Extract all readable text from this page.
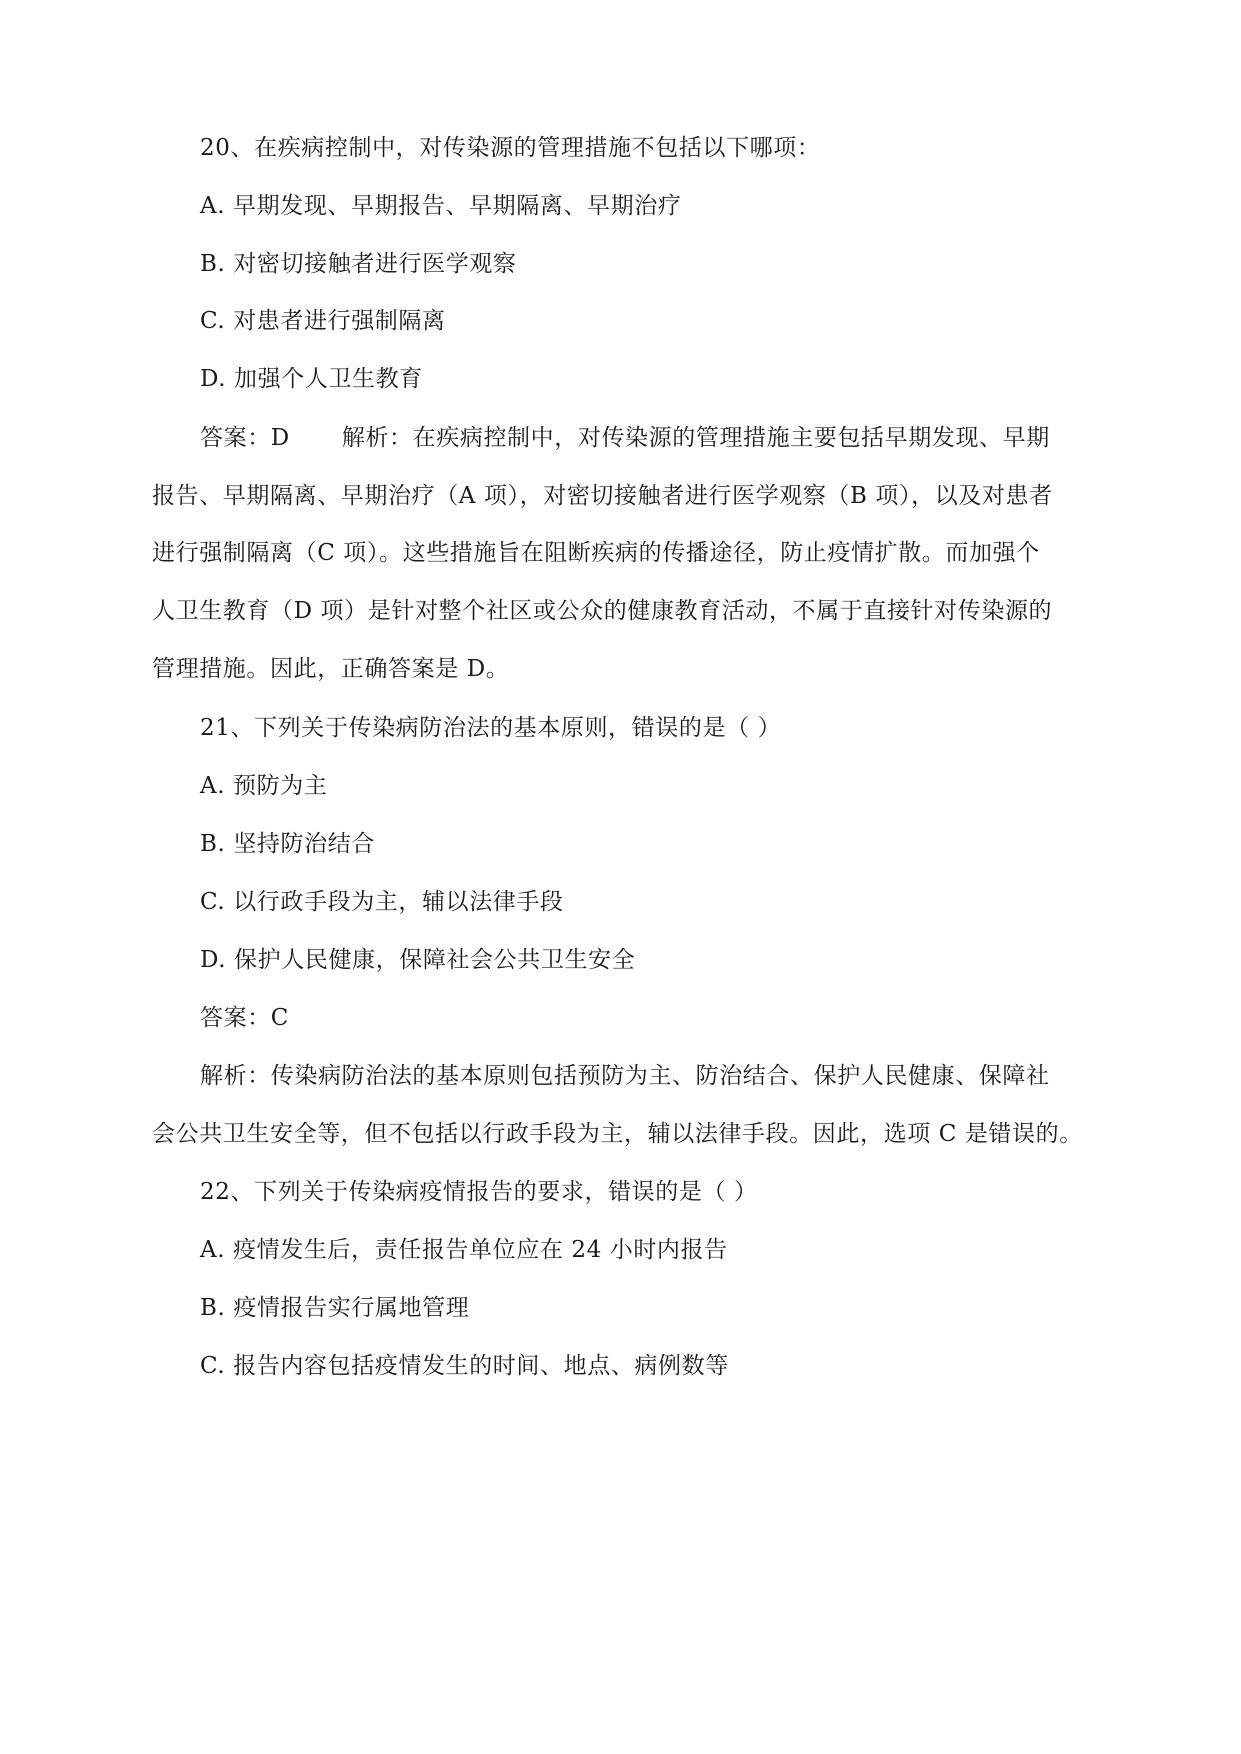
20、在疾病控制中，对传染源的管理措施不包括以下哪项：
A. 早期发现、早期报告、早期隔离、早期治疗
B. 对密切接触者进行医学观察
C. 对患者进行强制隔离
D. 加强个人卫生教育
答案：D 解析：在疾病控制中，对传染源的管理措施主要包括早期发现、早期
报告、早期隔离、早期治疗（A 项），对密切接触者进行医学观察（B 项），以及对患者
进行强制隔离（C 项）。这些措施旨在阻断疾病的传播途径，防止疫情扩散。而加强个
人卫生教育（D 项）是针对整个社区或公众的健康教育活动，不属于直接针对传染源的
管理措施。因此，正确答案是 D。
21、下列关于传染病防治法的基本原则，错误的是（ ）
A. 预防为主
B. 坚持防治结合
C. 以行政手段为主，辅以法律手段
D. 保护人民健康，保障社会公共卫生安全
答案：C
解析：传染病防治法的基本原则包括预防为主、防治结合、保护人民健康、保障社
会公共卫生安全等，但不包括以行政手段为主，辅以法律手段。因此，选项 C 是错误的。
22、下列关于传染病疫情报告的要求，错误的是（ ）
A. 疫情发生后，责任报告单位应在 24 小时内报告
B. 疫情报告实行属地管理
C. 报告内容包括疫情发生的时间、地点、病例数等
